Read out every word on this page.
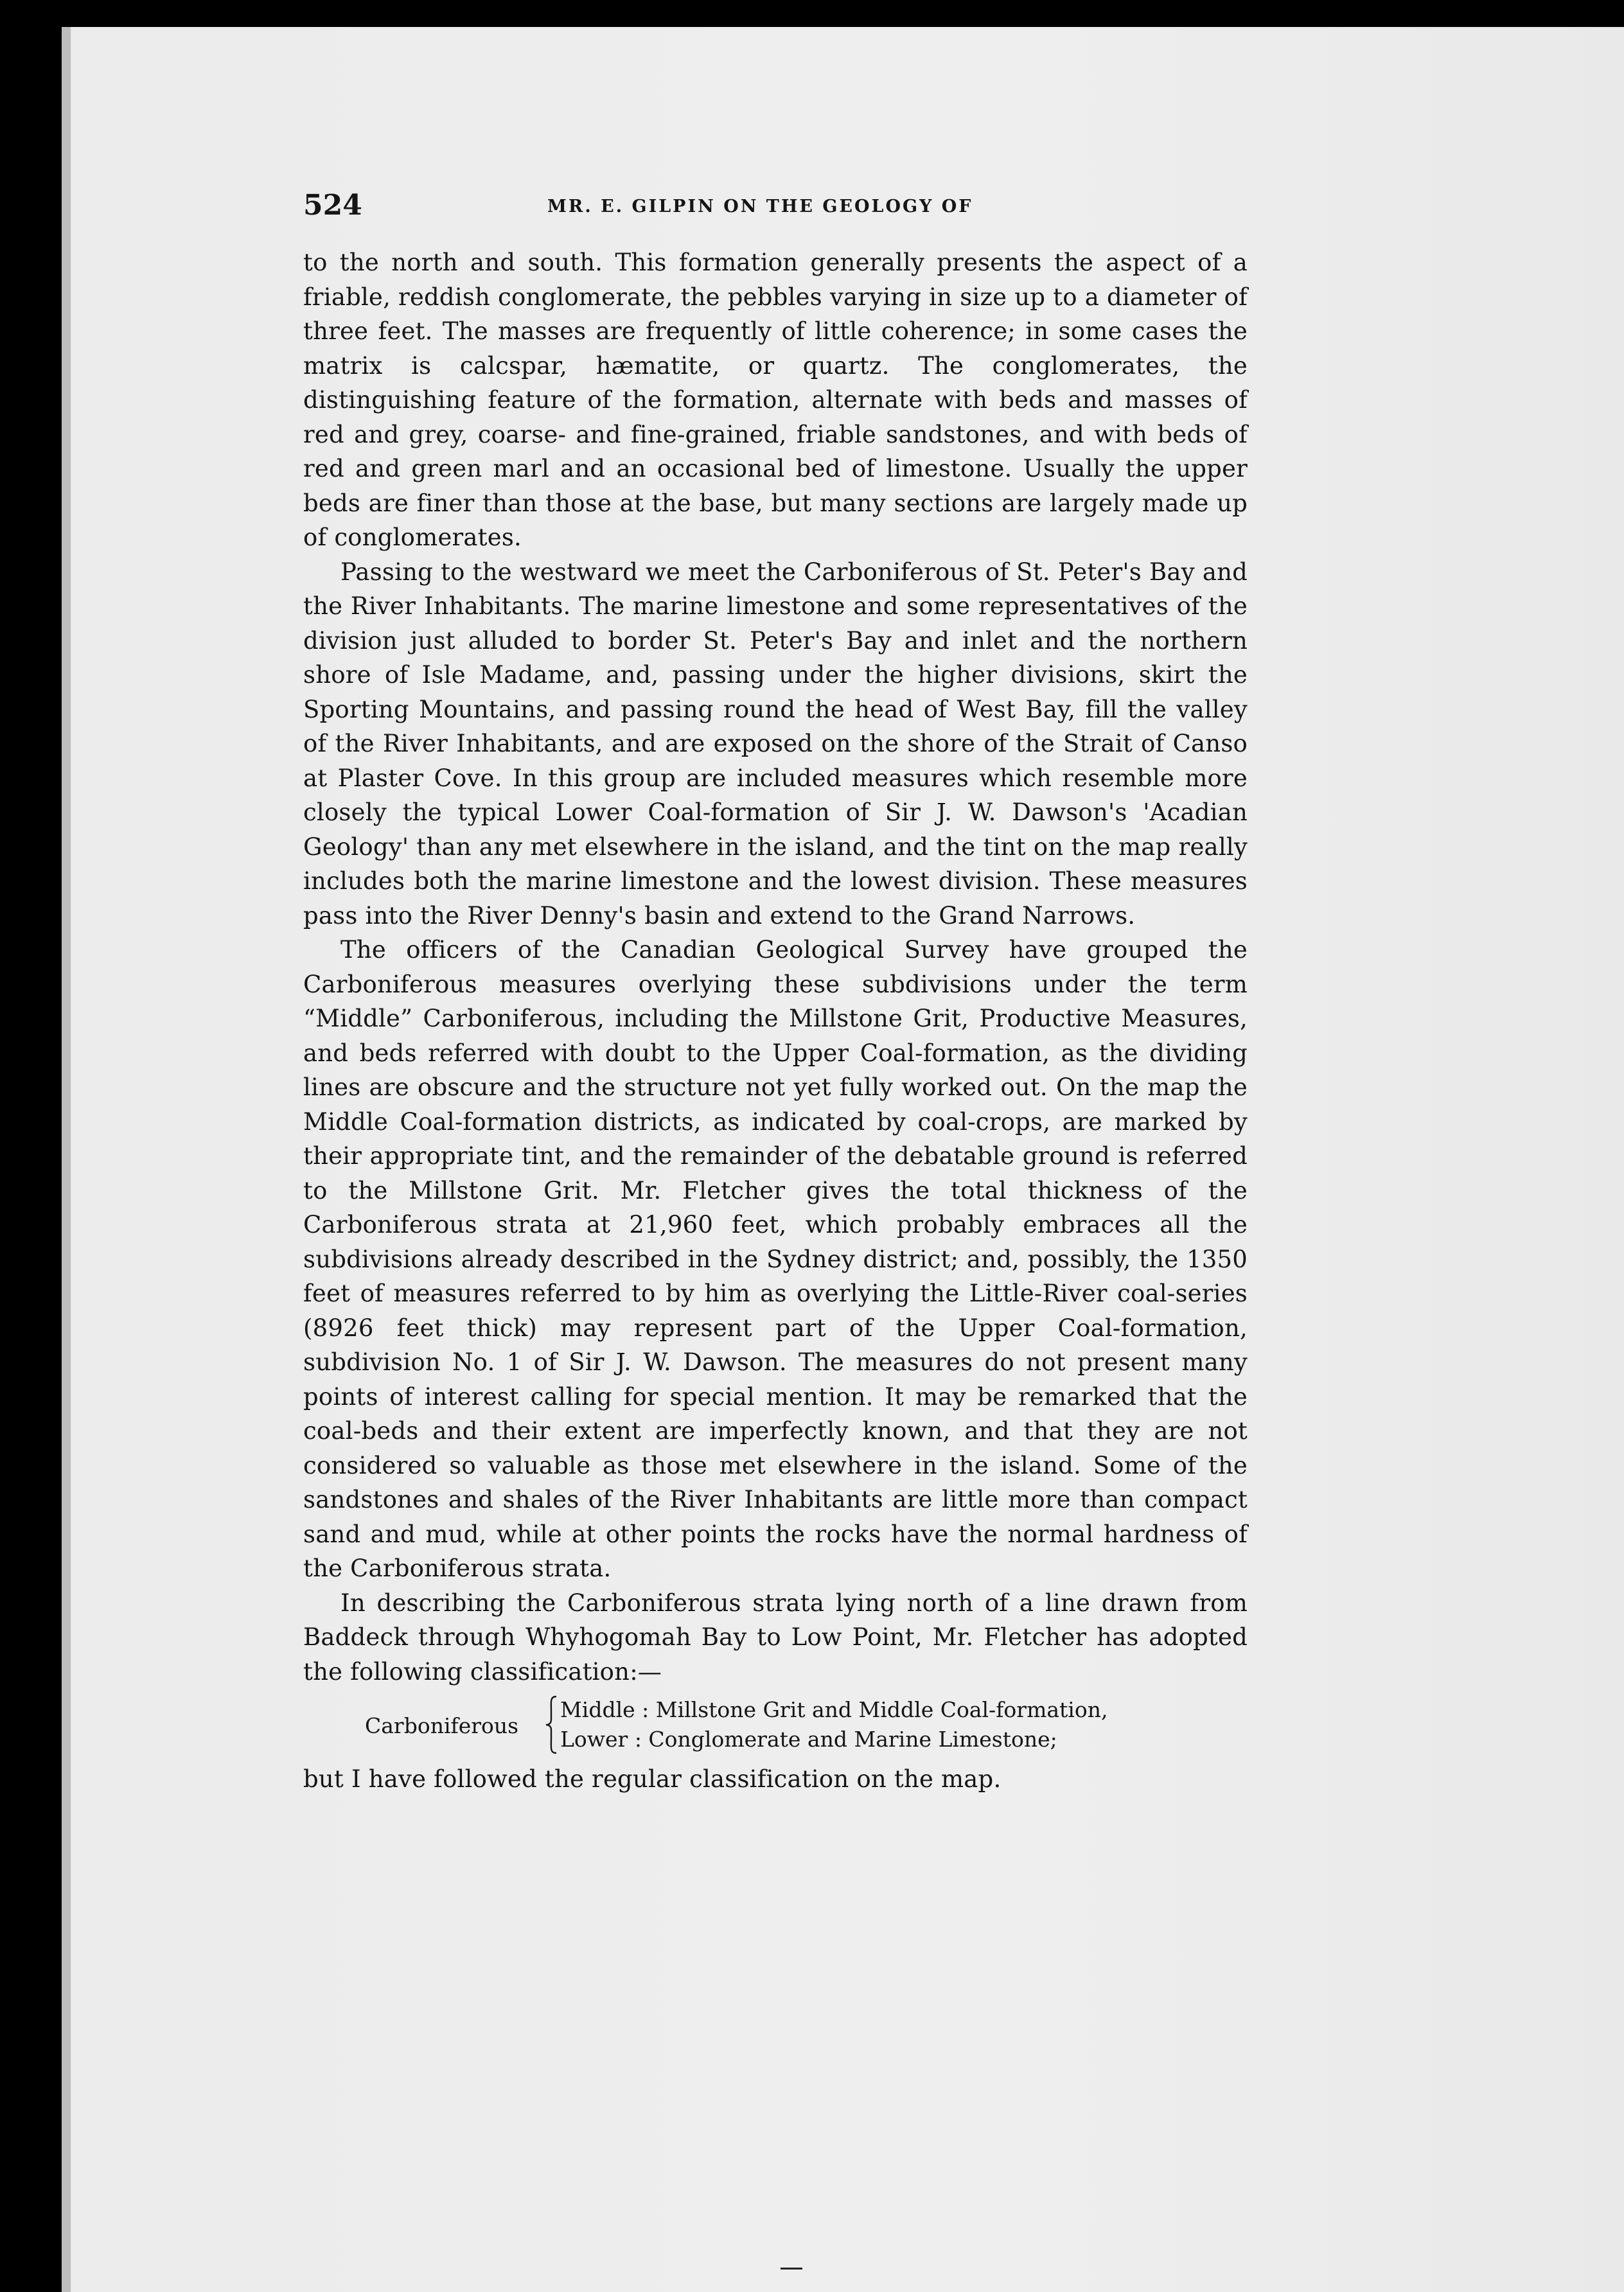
524	MR. E. GILPIN ON THE GEOLOGY OF

to the north and south. This formation generally presents the aspect of a friable, reddish conglomerate, the pebbles varying in size up to a diameter of three feet. The masses are frequently of little coherence; in some cases the matrix is calcspar, hæmatite, or quartz. The conglomerates, the distinguishing feature of the formation, alternate with beds and masses of red and grey, coarse- and fine-grained, friable sandstones, and with beds of red and green marl and an occasional bed of limestone. Usually the upper beds are finer than those at the base, but many sections are largely made up of conglomerates.

Passing to the westward we meet the Carboniferous of St. Peter's Bay and the River Inhabitants. The marine limestone and some representatives of the division just alluded to border St. Peter's Bay and inlet and the northern shore of Isle Madame, and, passing under the higher divisions, skirt the Sporting Mountains, and passing round the head of West Bay, fill the valley of the River Inhabitants, and are exposed on the shore of the Strait of Canso at Plaster Cove. In this group are included measures which resemble more closely the typical Lower Coal-formation of Sir J. W. Dawson's 'Acadian Geology' than any met elsewhere in the island, and the tint on the map really includes both the marine limestone and the lowest division. These measures pass into the River Denny's basin and extend to the Grand Narrows.

The officers of the Canadian Geological Survey have grouped the Carboniferous measures overlying these subdivisions under the term “Middle” Carboniferous, including the Millstone Grit, Productive Measures, and beds referred with doubt to the Upper Coal-formation, as the dividing lines are obscure and the structure not yet fully worked out. On the map the Middle Coal-formation districts, as indicated by coal-crops, are marked by their appropriate tint, and the remainder of the debatable ground is referred to the Millstone Grit. Mr. Fletcher gives the total thickness of the Carboniferous strata at 21,960 feet, which probably embraces all the subdivisions already described in the Sydney district; and, possibly, the 1350 feet of measures referred to by him as overlying the Little-River coal-series (8926 feet thick) may represent part of the Upper Coal-formation, subdivision No. 1 of Sir J. W. Dawson. The measures do not present many points of interest calling for special mention. It may be remarked that the coal-beds and their extent are imperfectly known, and that they are not considered so valuable as those met elsewhere in the island. Some of the sandstones and shales of the River Inhabitants are little more than compact sand and mud, while at other points the rocks have the normal hardness of the Carboniferous strata.

In describing the Carboniferous strata lying north of a line drawn from Baddeck through Whyhogomah Bay to Low Point, Mr. Fletcher has adopted the following classification:—

Carboniferous
Middle : Millstone Grit and Middle Coal-formation,
Lower : Conglomerate and Marine Limestone;

but I have followed the regular classification on the map.
